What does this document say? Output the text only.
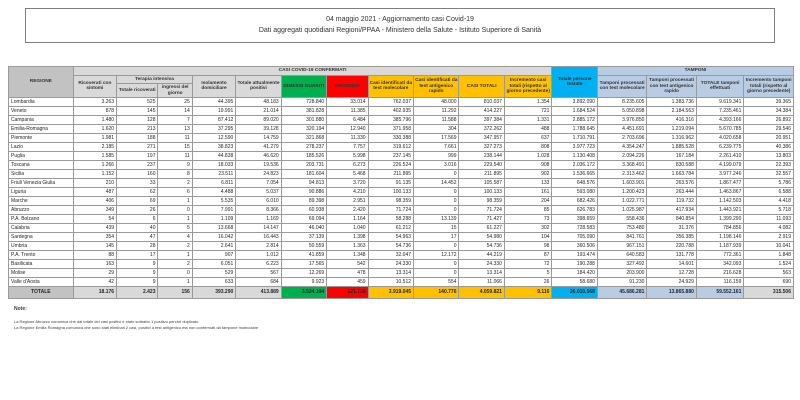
04 maggio 2021 - Aggiornamento casi Covid-19
Dati aggregati quotidiani Regioni/PPAA - Ministero della Salute - Istituto Superiore di Sanità
REGIONE	CASI COVID-19 CONFERMATI											Totale persone testate	TAMPONI			
	Ricoverati con sintomi	Terapia intensiva		Isolamento domiciliare	Totale attualmente positivi	DIMESSI GUARITI	DECEDUTI	Casi identificati da test molecolare	Casi identificati da test antigenico rapido	CASI TOTALI	Incremento casi totali (rispetto al giorno precedente)		Tamponi processati con test molecolare	Tamponi processati con test antigenico rapido	TOTALE tamponi effettuati	Incremento tamponi totali (rispetto al giorno precedente)
		Totale ricoverati	ingressi del giorno													
Lombardia	3.263	525	25	44.395	48.183	728.840	33.014	762.037	48.000	810.037	1.354	3.892.090	8.235.605	1.383.736	9.619.341	39.365
Veneto	878	145	14	19.991	21.014	381.828	11.385	402.935	11.292	414.227	721	1.684.524	5.050.898	2.184.563	7.235.461	34.384
Campania	1.480	128	7	87.412	89.020	301.880	6.484	385.796	11.588	397.384	1.331	2.885.172	3.976.850	416.316	4.393.166	26.892
Emilia-Romagna	1.620	213	13	37.295	39.128	320.194	12.940	371.958	304	372.262	488	1.788.645	4.451.691	1.219.094	5.670.785	29.546
Piemonte	1.981	188	11	12.590	14.759	321.868	11.330	330.388	17.569	347.957	637	1.710.791	2.703.696	1.316.962	4.020.658	20.951
Lazio	2.185	271	15	38.823	41.279	278.237	7.757	319.612	7.661	327.273	808	3.977.723	4.354.247	1.885.528	6.239.775	40.386
Puglia	1.585	197	11	44.838	46.620	185.526	5.998	237.145	999	238.144	1.028	1.130.408	2.094.226	167.184	2.261.410	13.803
Toscana	1.266	237	9	18.033	19.536	203.731	6.273	226.524	3.016	229.540	908	2.036.172	3.368.491	830.588	4.199.079	22.393
Sicilia	1.152	160	8	23.511	24.823	181.604	5.468	211.895	0	211.895	902	1.536.665	2.313.462	1.663.784	3.977.246	32.557
Friuli Venezia Giulia	210	33	2	6.811	7.054	94.813	3.720	91.135	14.452	105.587	133	648.576	1.603.901	263.576	1.867.477	5.786
Liguria	487	62	6	4.488	5.037	90.886	4.210	100.133	0	100.133	161	593.080	1.200.423	263.444	1.463.867	6.588
Marche	406	69	1	5.535	6.010	89.398	2.951	98.359	0	98.359	204	682.426	1.022.771	119.732	1.142.503	4.418
Abruzzo	349	26	0	7.991	8.366	60.938	2.420	71.724	0	71.724	85	626.783	1.025.987	417.934	1.443.921	5.718
P.A. Bolzano	54	6	1	1.109	1.169	69.094	1.164	58.288	13.139	71.427	73	398.659	558.436	840.854	1.399.290	11.093
Calabria	439	40	5	13.668	14.147	46.040	1.040	61.212	15	61.227	302	728.583	753.480	31.376	784.856	4.082
Sardegna	354	47	4	16.042	16.443	37.139	1.398	54.963	17	54.980	104	705.090	841.761	356.385	1.198.146	2.919
Umbria	145	28	2	2.641	2.814	50.559	1.363	54.736	0	54.736	98	360.506	967.151	220.788	1.187.939	10.041
P.A. Trento	88	17	1	907	1.012	41.859	1.348	32.047	12.172	44.219	87	193.474	640.583	131.778	772.361	1.848
Basilicata	163	9	2	6.051	6.223	17.565	542	24.330	0	24.330	72	190.288	327.492	14.601	342.093	1.524
Molise	29	9	0	529	567	12.269	478	13.314	0	13.314	5	184.420	203.900	12.728	216.628	563
Valle d'Aosta	42	9	1	633	684	9.923	459	10.512	554	11.066	26	58.680	91.230	24.929	116.159	690
TOTALE	18.176	2.423	156	393.290	413.889	3.524.194	121.738	3.919.045	140.776	4.059.821	9.116	26.010.568	45.686.281	13.865.880	59.552.161	315.506
Note:
La Regione Abruzzo comunica che dal totale dei casi positivi è stato sottratto 1 positivo perché duplicato
La Regione Emilia Romagna comunica che sono stati eliminati 2 casi, positivi a test antigenico ma non confermati da tampone molecolare
